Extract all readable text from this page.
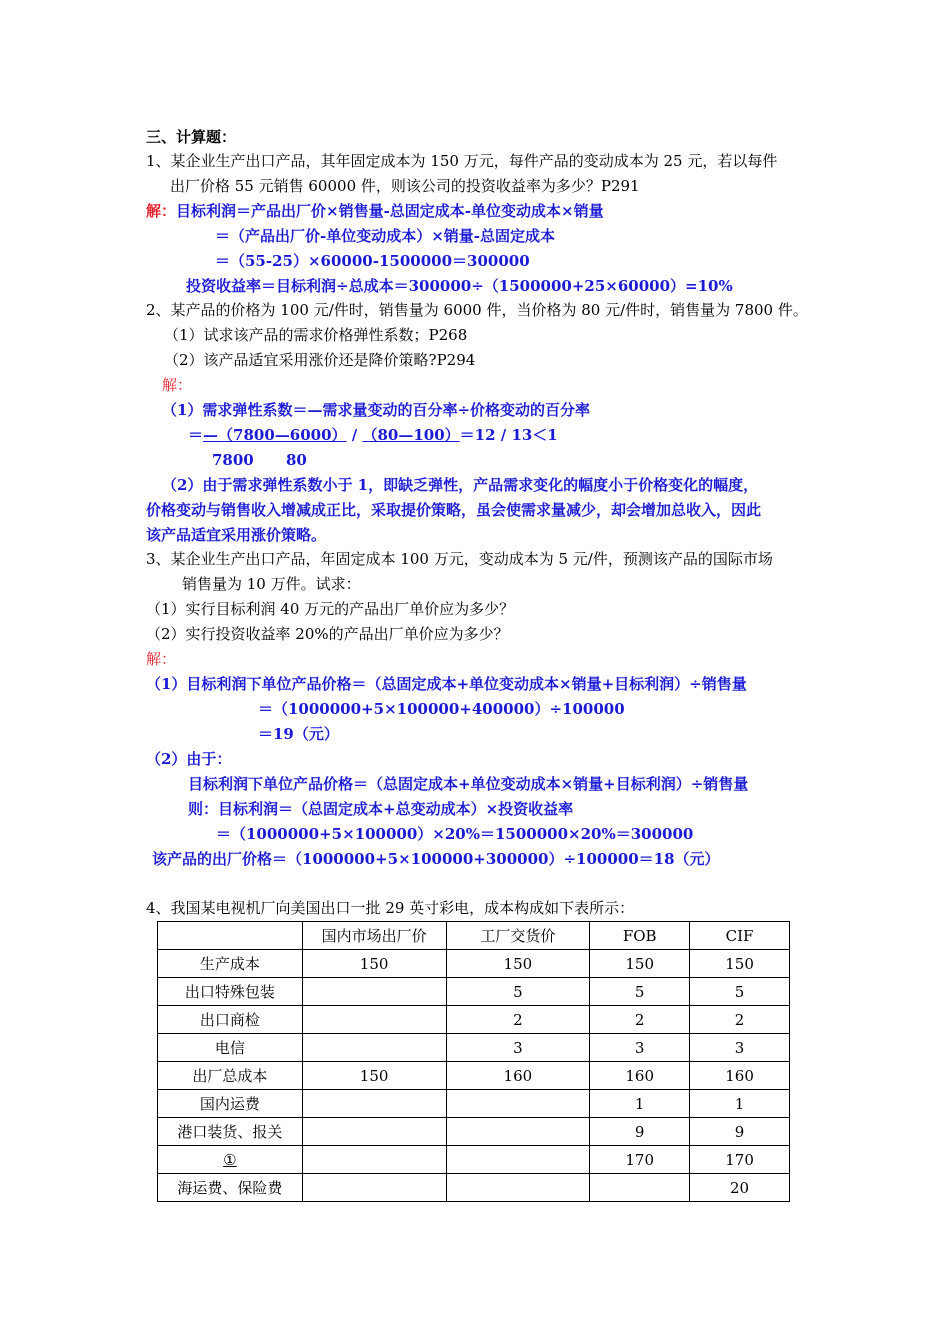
三、计算题：
1、某企业生产出口产品，其年固定成本为 150 万元，每件产品的变动成本为 25 元，若以每件
出厂价格 55 元销售 60000 件，则该公司的投资收益率为多少？P291
解：目标利润＝产品出厂价×销售量-总固定成本-单位变动成本×销量
＝（产品出厂价-单位变动成本）×销量-总固定成本
＝（55-25）×60000-1500000＝300000
投资收益率＝目标利润÷总成本＝300000÷（1500000+25×60000）=10%
2、某产品的价格为 100 元/件时，销售量为 6000 件，当价格为 80 元/件时，销售量为 7800 件。
（1）试求该产品的需求价格弹性系数；P268
（2）该产品适宜采用涨价还是降价策略?P294
解：
（1）需求弹性系数＝—需求量变动的百分率÷价格变动的百分率
＝—（7800—6000） / （80—100）＝12 / 13＜1
7800 80
（2）由于需求弹性系数小于 1，即缺乏弹性，产品需求变化的幅度小于价格变化的幅度，
价格变动与销售收入增减成正比，采取提价策略，虽会使需求量减少，却会增加总收入，因此
该产品适宜采用涨价策略。
3、某企业生产出口产品，年固定成本 100 万元，变动成本为 5 元/件，预测该产品的国际市场
销售量为 10 万件。试求：
（1）实行目标利润 40 万元的产品出厂单价应为多少？
（2）实行投资收益率 20%的产品出厂单价应为多少？
解：
（1）目标利润下单位产品价格＝（总固定成本+单位变动成本×销量+目标利润）÷销售量
＝（1000000+5×100000+400000）÷100000
＝19（元）
（2）由于：
目标利润下单位产品价格＝（总固定成本+单位变动成本×销量+目标利润）÷销售量
则：目标利润＝（总固定成本+总变动成本）×投资收益率
＝（1000000+5×100000）×20%＝1500000×20%＝300000
该产品的出厂价格＝（1000000+5×100000+300000）÷100000＝18（元）
4、我国某电视机厂向美国出口一批 29 英寸彩电，成本构成如下表所示：
	国内市场出厂价	工厂交货价	FOB	CIF
生产成本	150	150	150	150
出口特殊包装		5	5	5
出口商检		2	2	2
电信		3	3	3
出厂总成本	150	160	160	160
国内运费			1	1
港口装货、报关			9	9
①			170	170
海运费、保险费				20
